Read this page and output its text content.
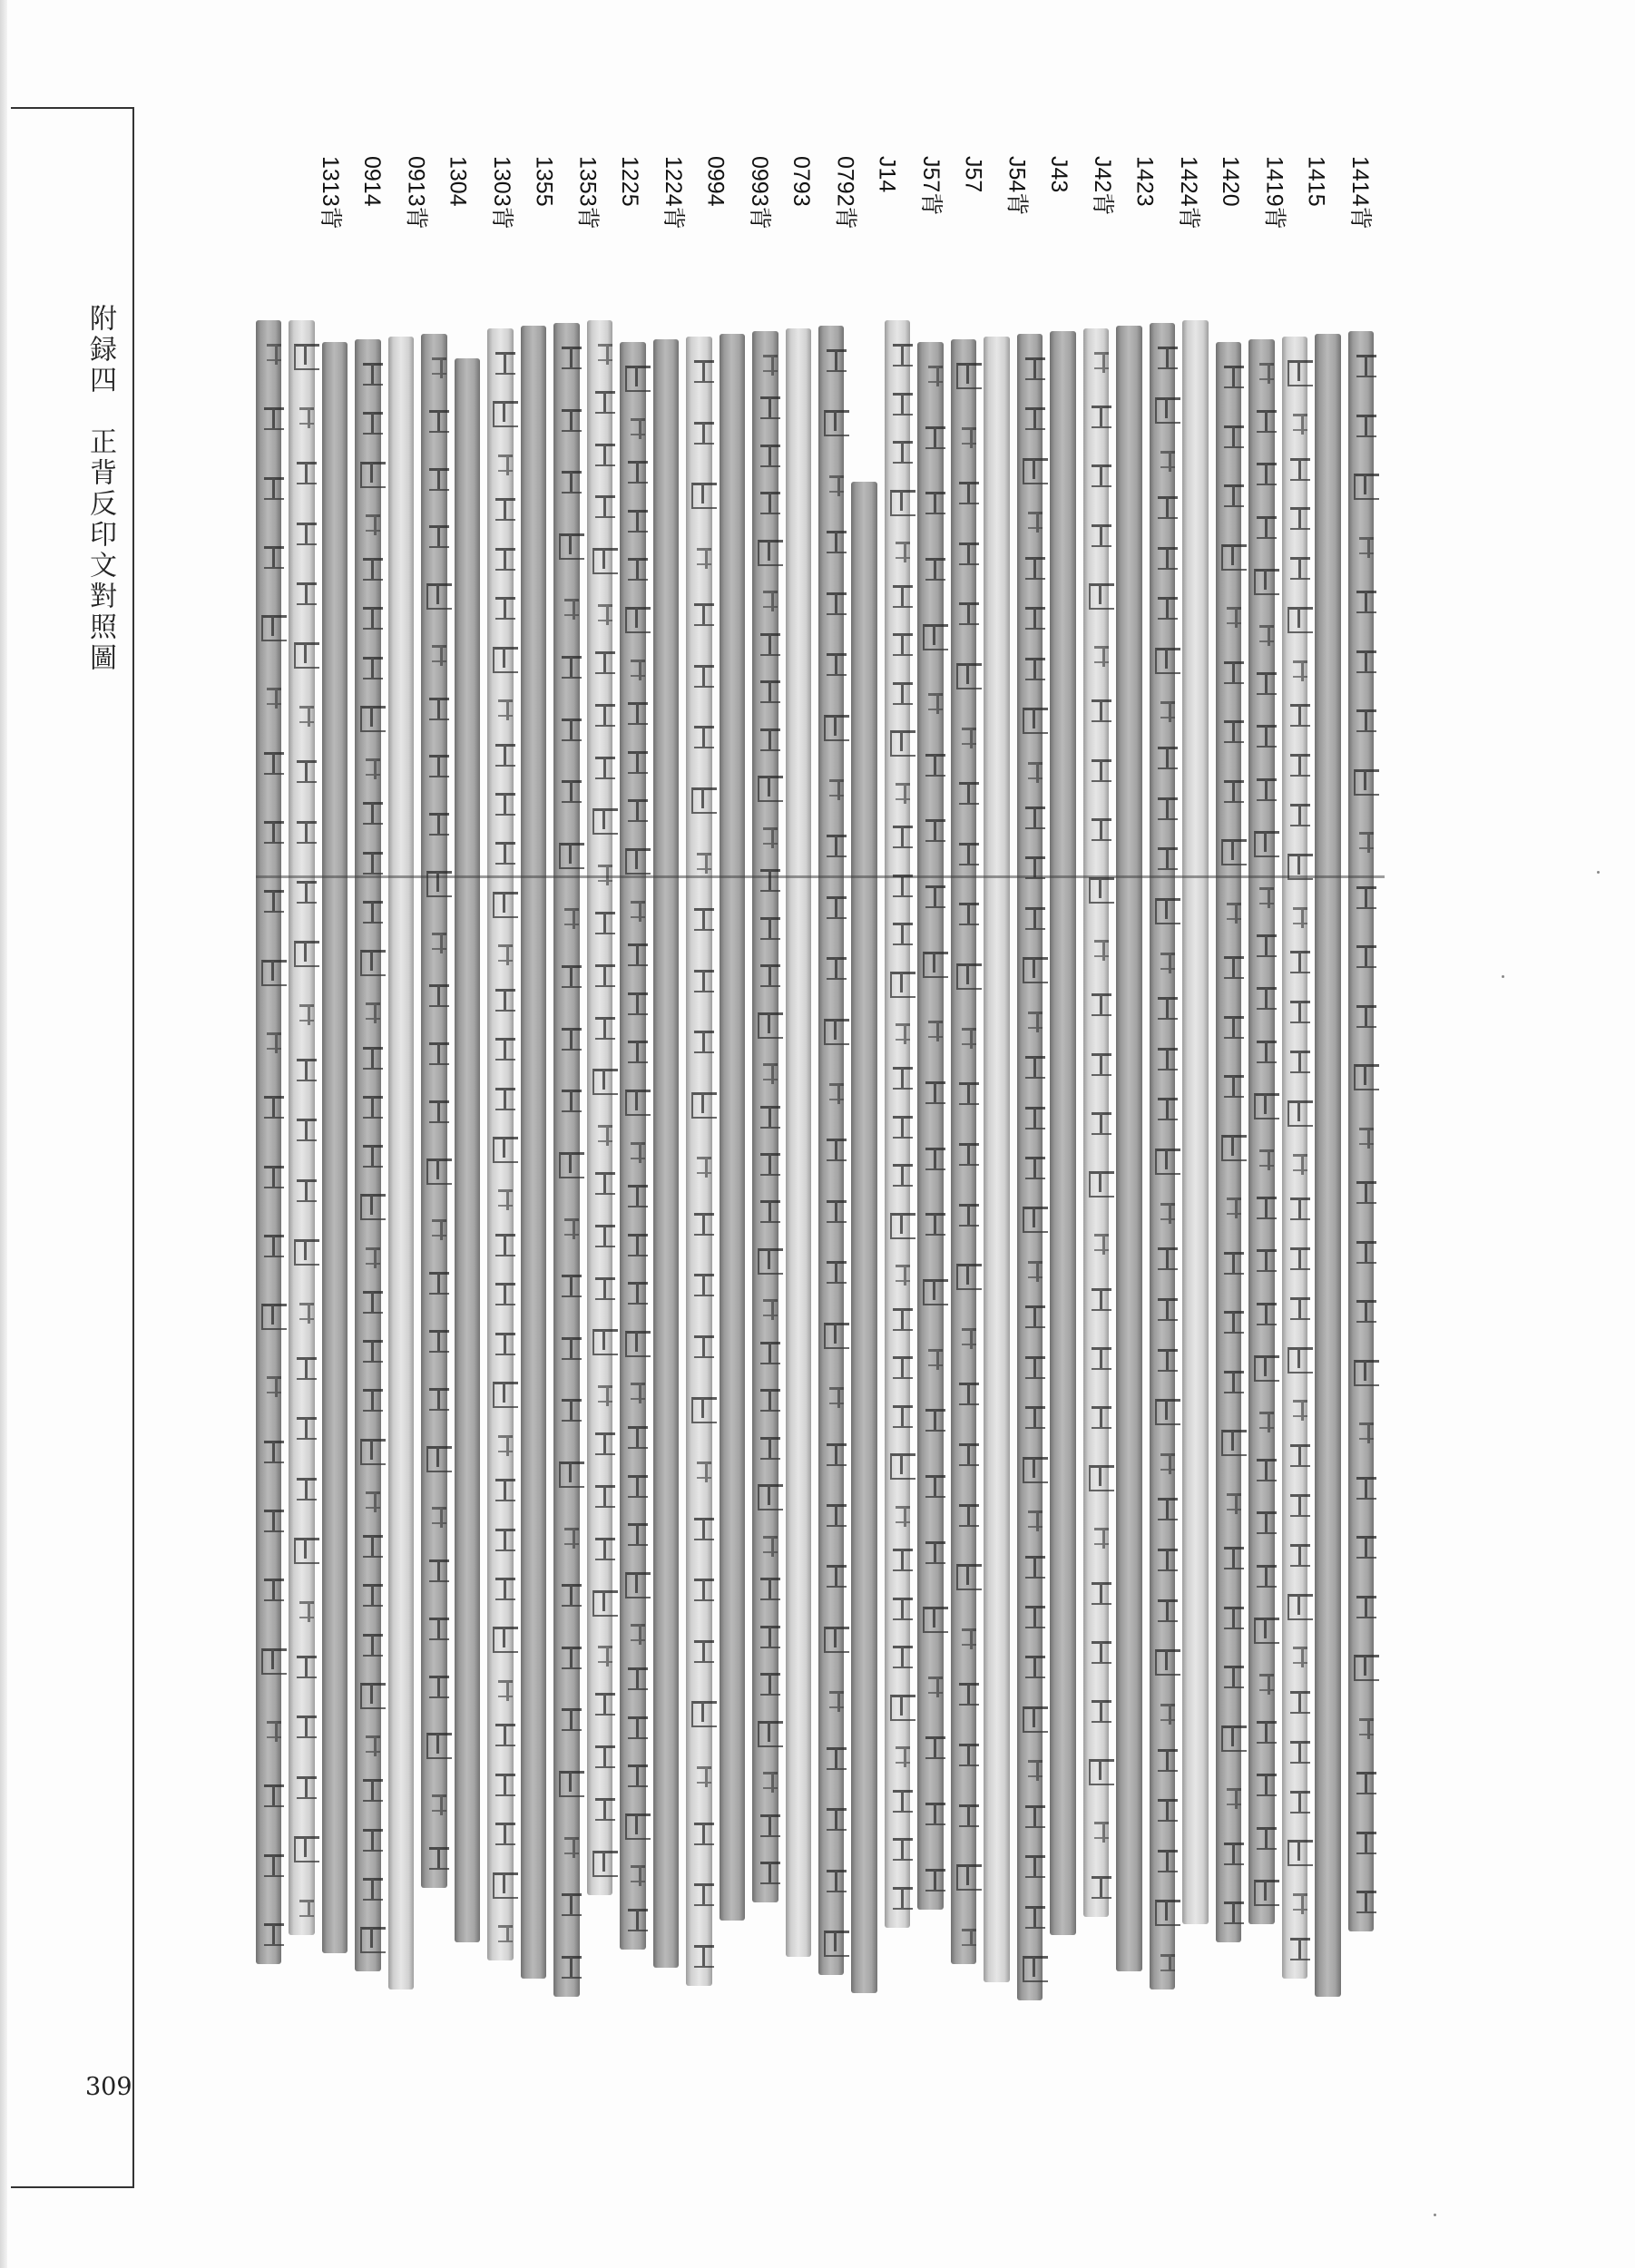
附録四　正背反印文對照圖
309
1414背
1415
1419背
1420
1424背
1423
J42背
J43
J54背
J57
J57背
J14
0792背
0793
0993背
0994
1224背
1225
1353背
1355
1303背
1304
0913背
0914
1313背
